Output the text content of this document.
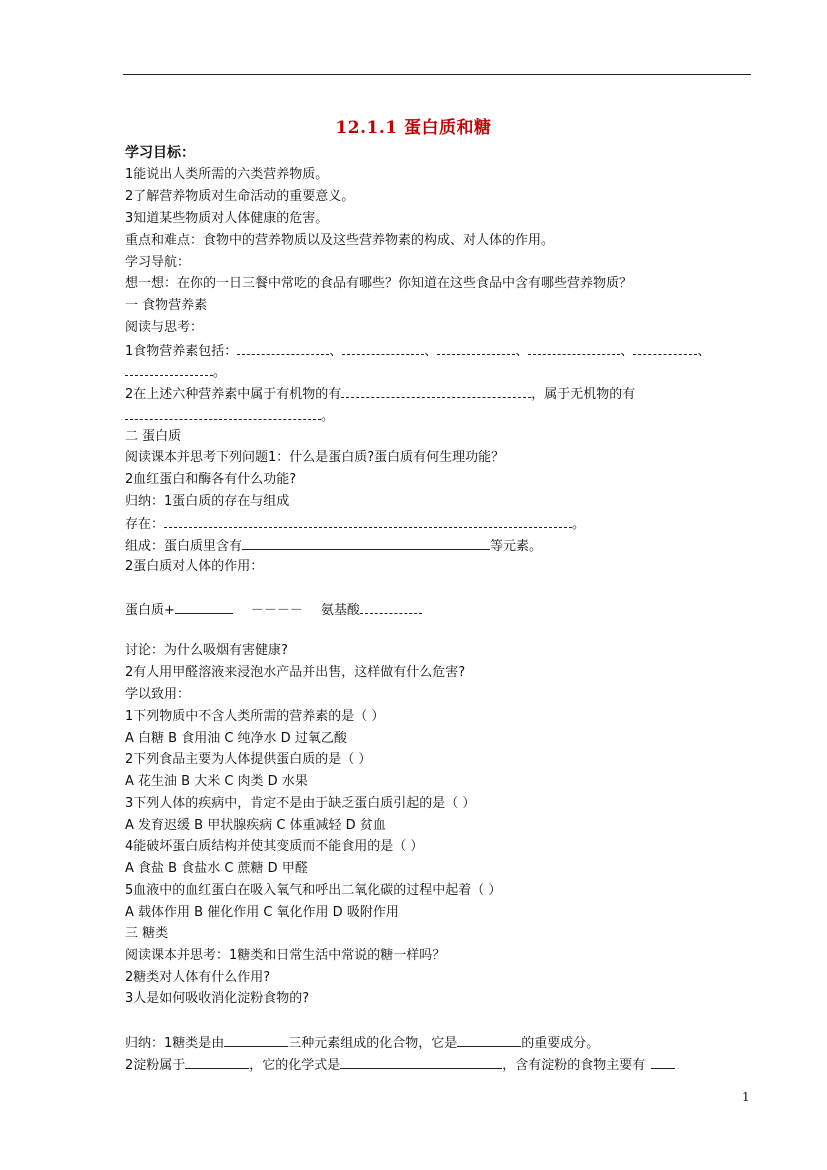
12.1.1 蛋白质和糖
学习目标：
1能说出人类所需的六类营养物质。
2了解营养物质对生命活动的重要意义。
3知道某些物质对人体健康的危害。
重点和难点：食物中的营养物质以及这些营养物素的构成、对人体的作用。
学习导航：
想一想：在你的一日三餐中常吃的食品有哪些？你知道在这些食品中含有哪些营养物质？
一 食物营养素
阅读与思考：
1食物营养素包括：	、	、	、	、	、
。
2在上述六种营养素中属于有机物的有	，属于无机物的有
。
二 蛋白质
阅读课本并思考下列问题1：什么是蛋白质?蛋白质有何生理功能？
2血红蛋白和酶各有什么功能?
归纳：1蛋白质的存在与组成
存在：	。
组成：蛋白质里含有	等元素。
2蛋白质对人体的作用：
蛋白质+	－－－－ 氨基酸
讨论：为什么吸烟有害健康?
2有人用甲醛溶液来浸泡水产品并出售，这样做有什么危害?
学以致用：
1下列物质中不含人类所需的营养素的是（ ）
A 白糖 B 食用油 C 纯净水 D 过氧乙酸
2下列食品主要为人体提供蛋白质的是（ ）
A 花生油 B 大米 C 肉类 D 水果
3下列人体的疾病中，肯定不是由于缺乏蛋白质引起的是（ ）
A 发育迟缓 B 甲状腺疾病 C 体重减轻 D 贫血
4能破坏蛋白质结构并使其变质而不能食用的是（ ）
A 食盐 B 食盐水 C 蔗糖 D 甲醛
5血液中的血红蛋白在吸入氧气和呼出二氧化碳的过程中起着（ ）
A 载体作用 B 催化作用 C 氧化作用 D 吸附作用
三 糖类
阅读课本并思考：1糖类和日常生活中常说的糖一样吗？
2糖类对人体有什么作用?
3人是如何吸收消化淀粉食物的?
归纳：1糖类是由	三种元素组成的化合物，它是	的重要成分。
2淀粉属于	，它的化学式是	，含有淀粉的食物主要有
1
